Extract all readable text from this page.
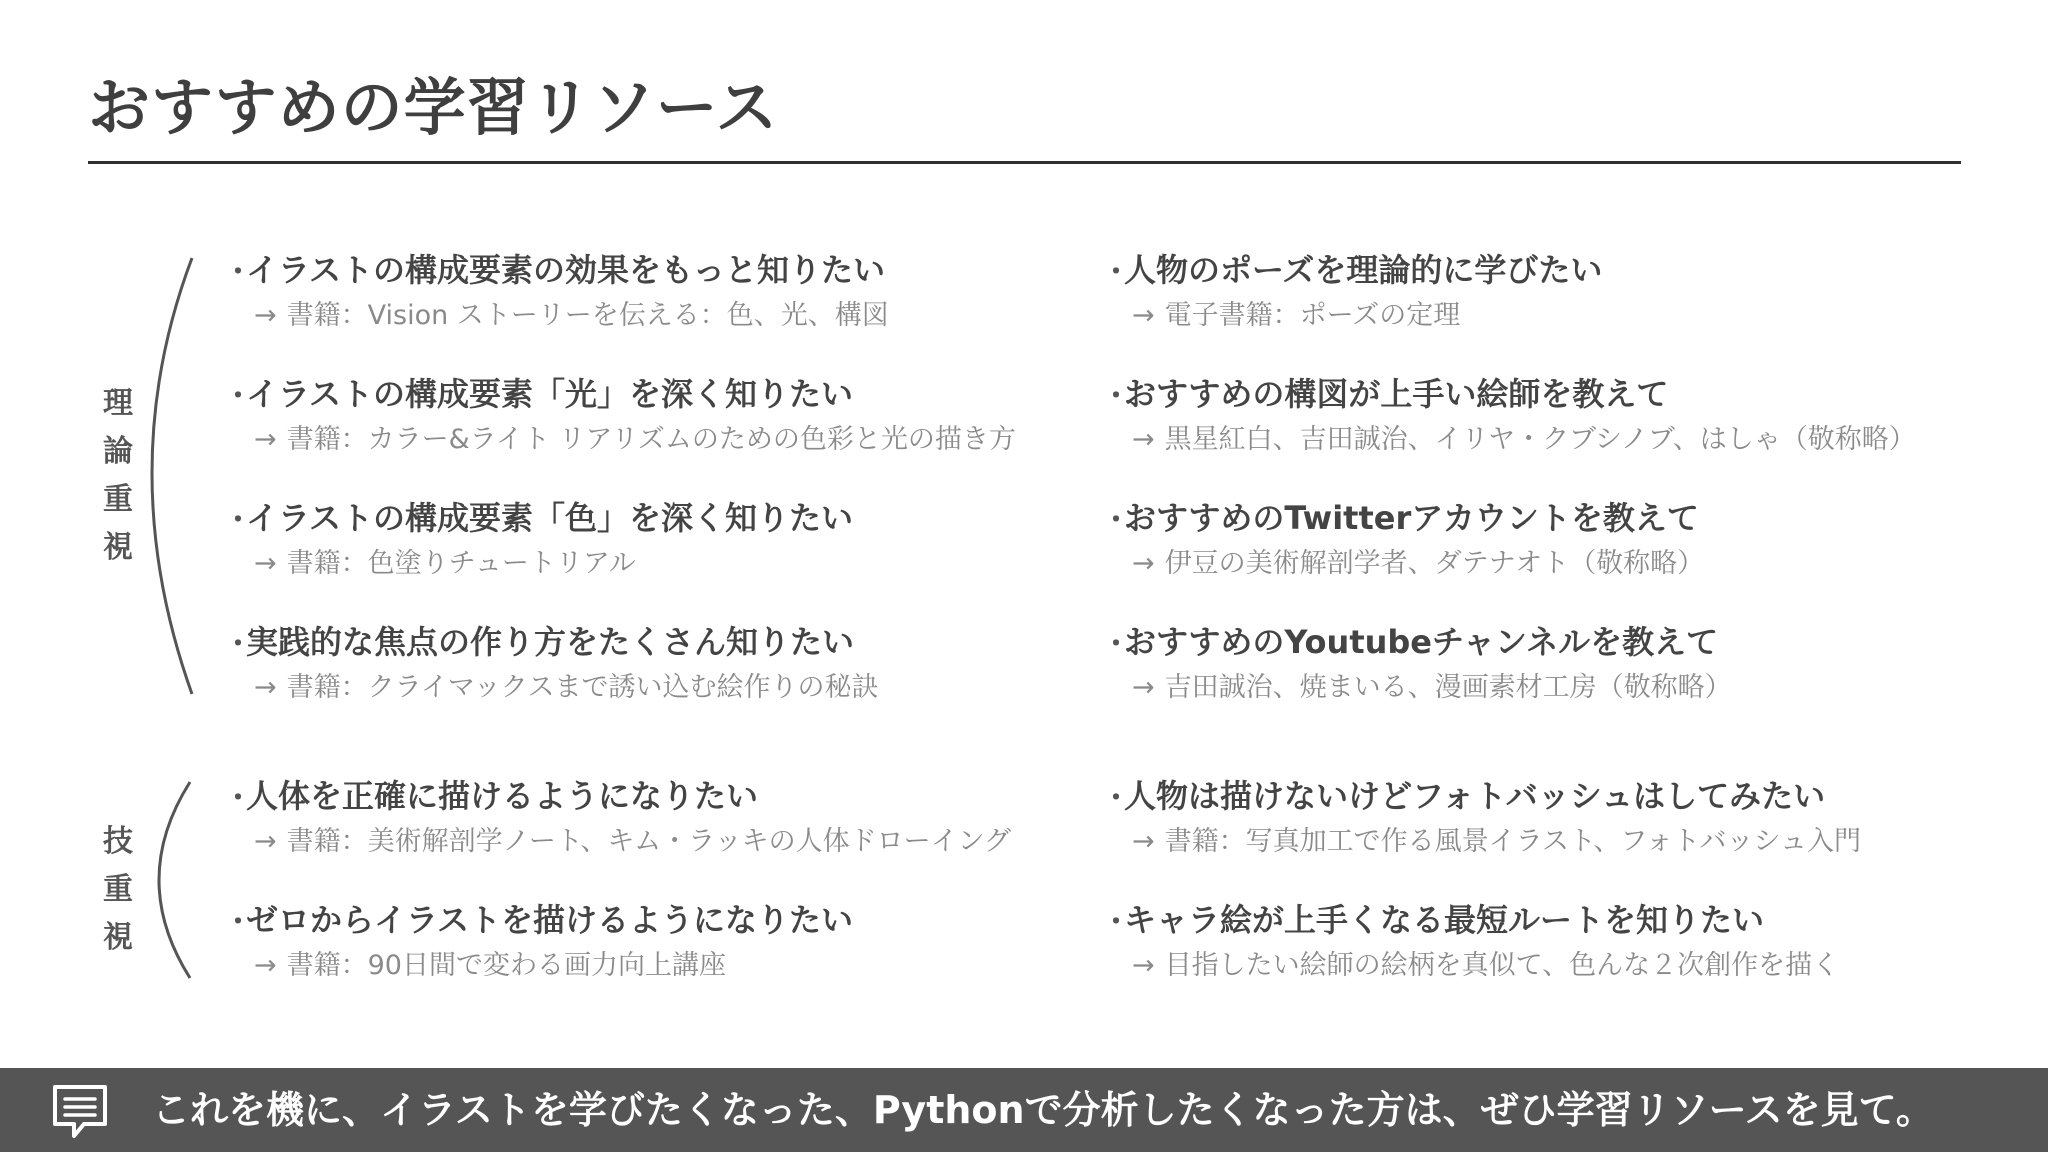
おすすめの学習リソース
理
論
重
視
技
重
視
・イラストの構成要素の効果をもっと知りたい
→ 書籍：Vision ストーリーを伝える：色、光、構図
・イラストの構成要素「光」を深く知りたい
→ 書籍：カラー&ライト リアリズムのための色彩と光の描き方
・イラストの構成要素「色」を深く知りたい
→ 書籍：色塗りチュートリアル
・実践的な焦点の作り方をたくさん知りたい
→ 書籍：クライマックスまで誘い込む絵作りの秘訣
・人体を正確に描けるようになりたい
→ 書籍：美術解剖学ノート、キム・ラッキの人体ドローイング
・ゼロからイラストを描けるようになりたい
→ 書籍：90日間で変わる画力向上講座
・人物のポーズを理論的に学びたい
→ 電子書籍：ポーズの定理
・おすすめの構図が上手い絵師を教えて
→ 黒星紅白、吉田誠治、イリヤ・クブシノブ、はしゃ（敬称略）
・おすすめのTwitterアカウントを教えて
→ 伊豆の美術解剖学者、ダテナオト（敬称略）
・おすすめのYoutubeチャンネルを教えて
→ 吉田誠治、焼まいる、漫画素材工房（敬称略）
・人物は描けないけどフォトバッシュはしてみたい
→ 書籍：写真加工で作る風景イラスト、フォトバッシュ入門
・キャラ絵が上手くなる最短ルートを知りたい
→ 目指したい絵師の絵柄を真似て、色んな２次創作を描く
これを機に、イラストを学びたくなった、Pythonで分析したくなった方は、ぜひ学習リソースを見て。
